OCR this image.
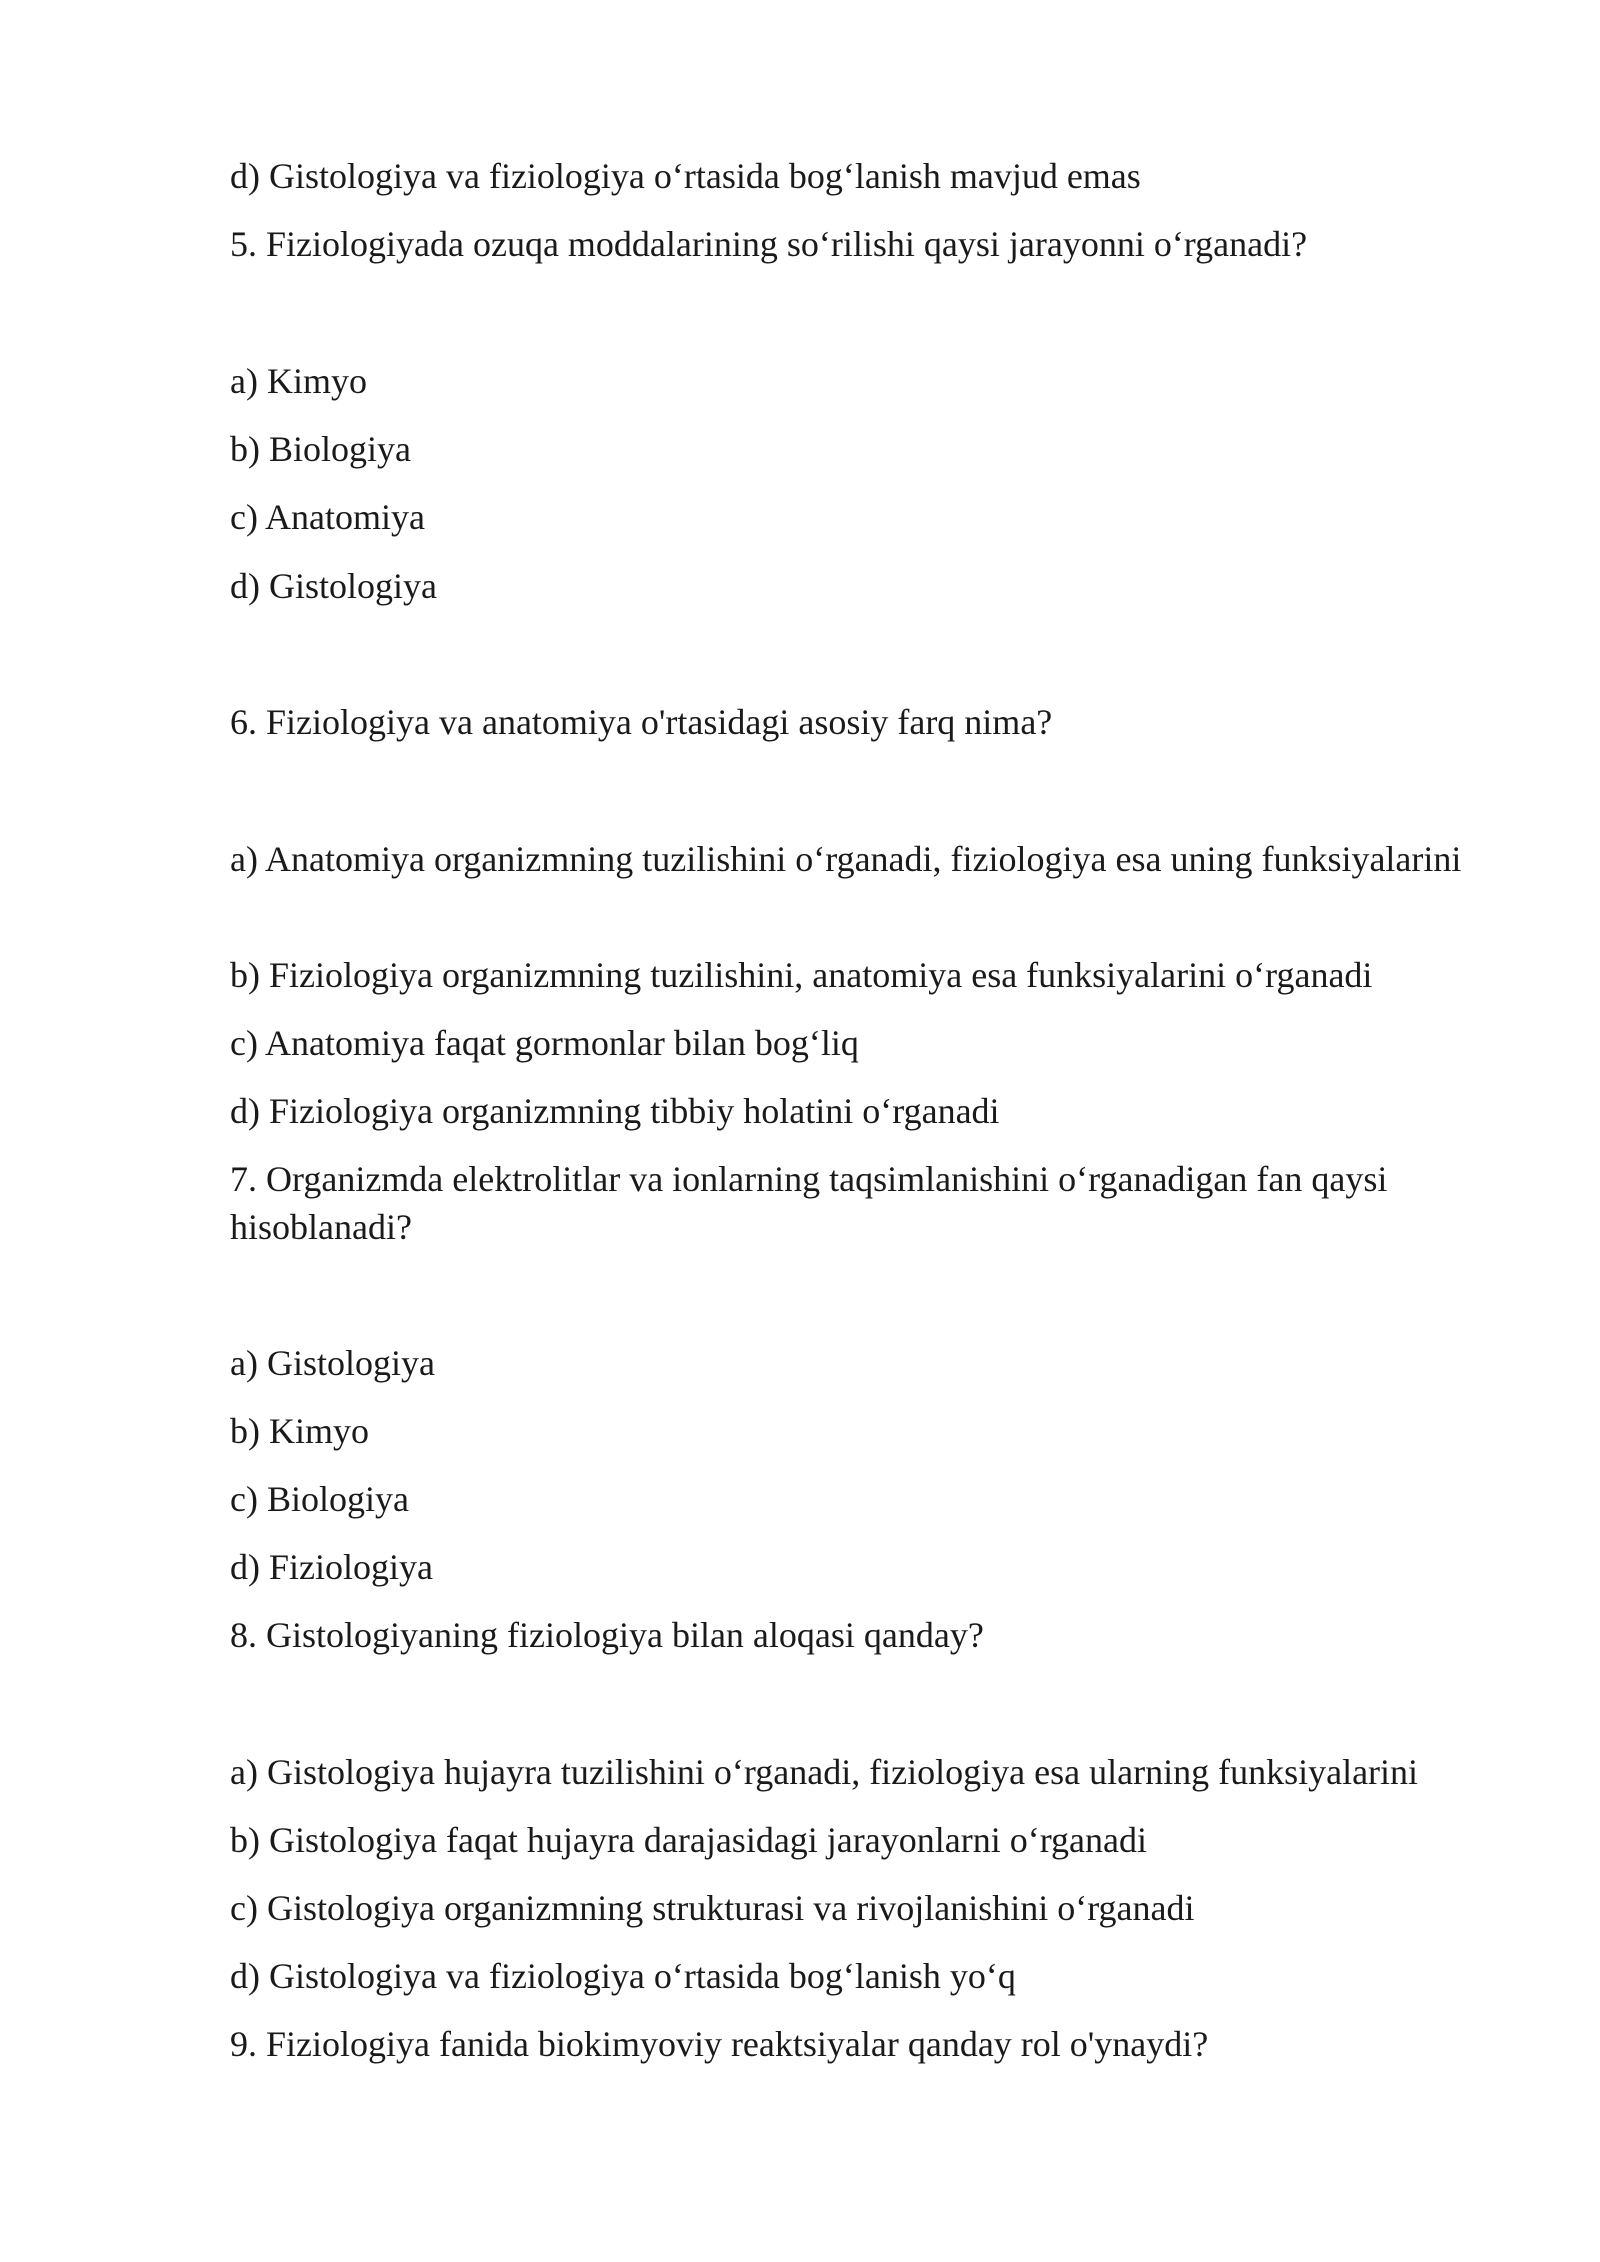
d) Gistologiya va fiziologiya o‘rtasida bog‘lanish mavjud emas
5. Fiziologiyada ozuqa moddalarining so‘rilishi qaysi jarayonni o‘rganadi?
a) Kimyo
b) Biologiya
c) Anatomiya
d) Gistologiya
6. Fiziologiya va anatomiya o'rtasidagi asosiy farq nima?
a) Anatomiya organizmning tuzilishini o‘rganadi, fiziologiya esa uning funksiyalarini
b) Fiziologiya organizmning tuzilishini, anatomiya esa funksiyalarini o‘rganadi
c) Anatomiya faqat gormonlar bilan bog‘liq
d) Fiziologiya organizmning tibbiy holatini o‘rganadi
7. Organizmda elektrolitlar va ionlarning taqsimlanishini o‘rganadigan fan qaysi hisoblanadi?
a) Gistologiya
b) Kimyo
c) Biologiya
d) Fiziologiya
8. Gistologiyaning fiziologiya bilan aloqasi qanday?
a) Gistologiya hujayra tuzilishini o‘rganadi, fiziologiya esa ularning funksiyalarini
b) Gistologiya faqat hujayra darajasidagi jarayonlarni o‘rganadi
c) Gistologiya organizmning strukturasi va rivojlanishini o‘rganadi
d) Gistologiya va fiziologiya o‘rtasida bog‘lanish yo‘q
9. Fiziologiya fanida biokimyoviy reaktsiyalar qanday rol o'ynaydi?
